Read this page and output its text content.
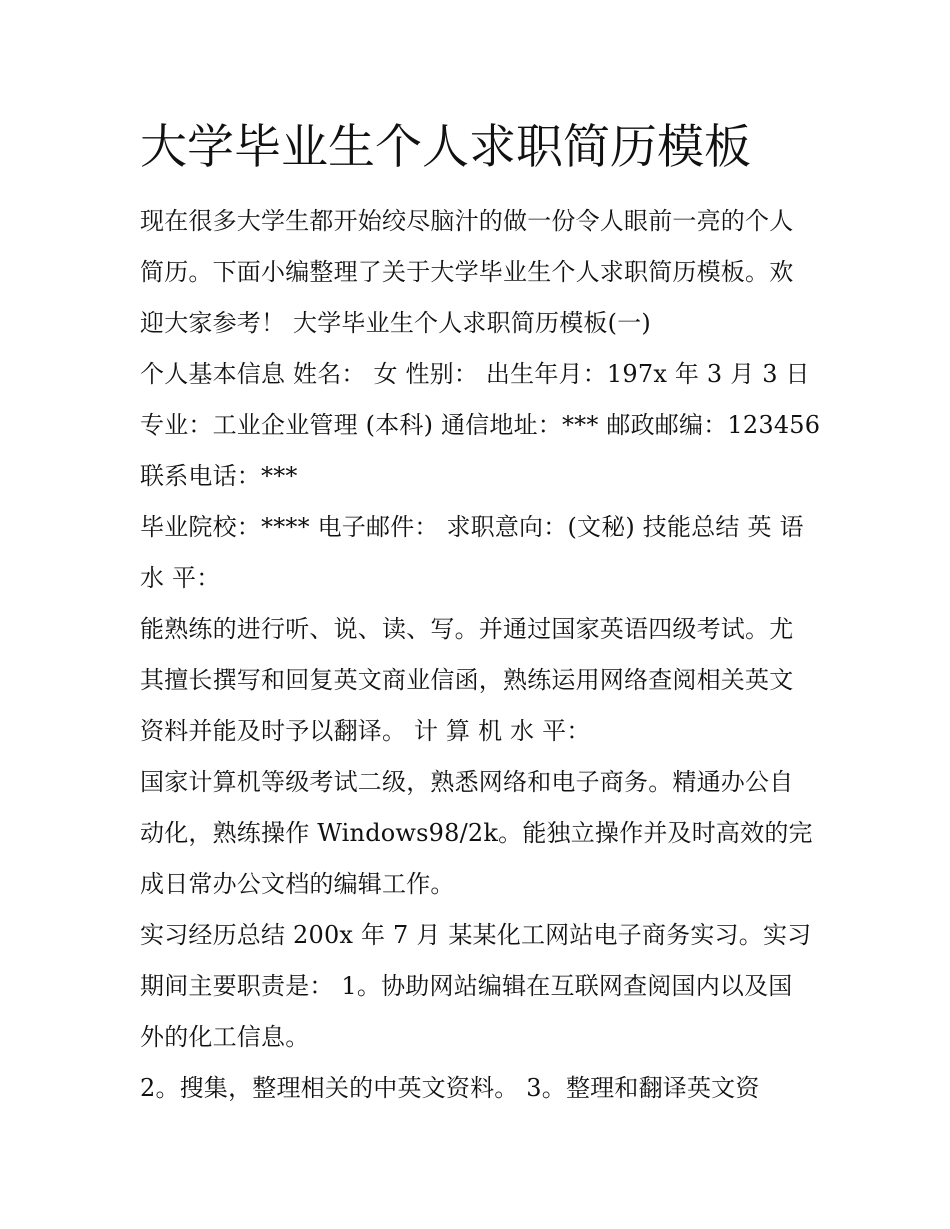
大学毕业生个人求职简历模板
现在很多大学生都开始绞尽脑汁的做一份令人眼前一亮的个人
简历。下面小编整理了关于大学毕业生个人求职简历模板。欢
迎大家参考！ 大学毕业生个人求职简历模板(一)
个人基本信息 姓名： 女 性别： 出生年月：197x 年 3 月 3 日
专业：工业企业管理 (本科) 通信地址：*** 邮政邮编：123456
联系电话：***
毕业院校：**** 电子邮件： 求职意向：(文秘) 技能总结 英 语
水 平：
能熟练的进行听、说、读、写。并通过国家英语四级考试。尤
其擅长撰写和回复英文商业信函，熟练运用网络查阅相关英文
资料并能及时予以翻译。 计 算 机 水 平：
国家计算机等级考试二级，熟悉网络和电子商务。精通办公自
动化，熟练操作 Windows98/2k。能独立操作并及时高效的完
成日常办公文档的编辑工作。
实习经历总结 200x 年 7 月 某某化工网站电子商务实习。实习
期间主要职责是： 1。协助网站编辑在互联网查阅国内以及国
外的化工信息。
2。搜集，整理相关的中英文资料。 3。整理和翻译英文资
